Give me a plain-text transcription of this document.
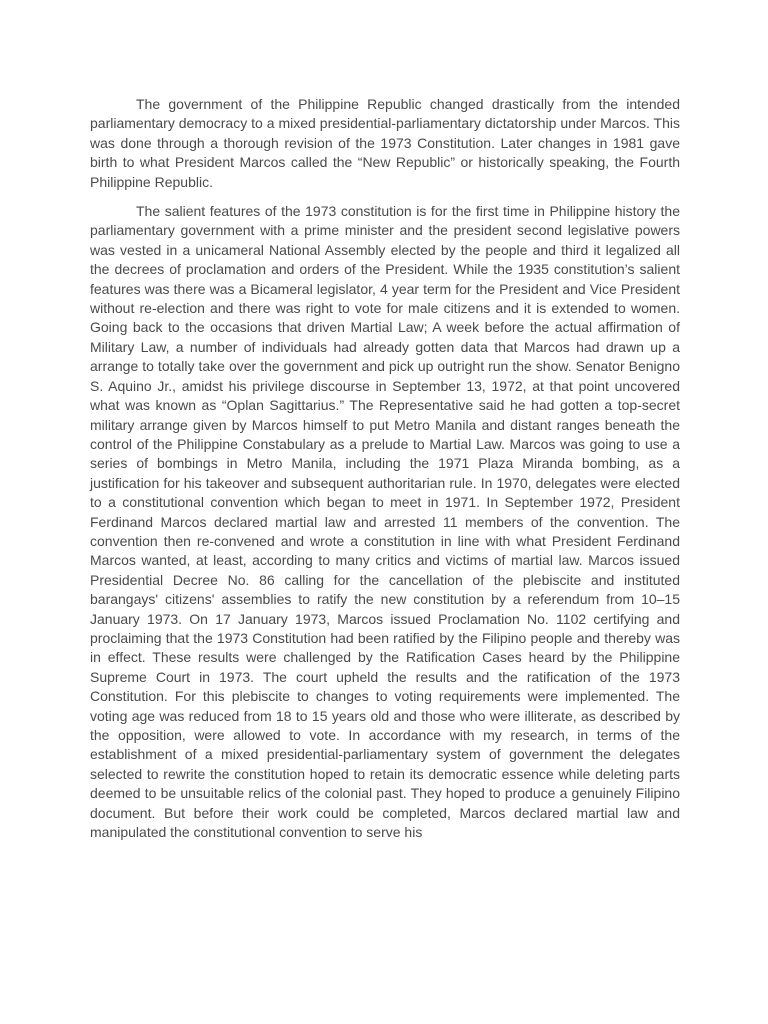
The government of the Philippine Republic changed drastically from the intended parliamentary democracy to a mixed presidential-parliamentary dictatorship under Marcos. This was done through a thorough revision of the 1973 Constitution. Later changes in 1981 gave birth to what President Marcos called the “New Republic” or historically speaking, the Fourth Philippine Republic.

The salient features of the 1973 constitution is for the first time in Philippine history the parliamentary government with a prime minister and the president second legislative powers was vested in a unicameral National Assembly elected by the people and third it legalized all the decrees of proclamation and orders of the President. While the 1935 constitution’s salient features was there was a Bicameral legislator, 4 year term for the President and Vice President without re-election and there was right to vote for male citizens and it is extended to women. Going back to the occasions that driven Martial Law; A week before the actual affirmation of Military Law, a number of individuals had already gotten data that Marcos had drawn up a arrange to totally take over the government and pick up outright run the show. Senator Benigno S. Aquino Jr., amidst his privilege discourse in September 13, 1972, at that point uncovered what was known as “Oplan Sagittarius.” The Representative said he had gotten a top-secret military arrange given by Marcos himself to put Metro Manila and distant ranges beneath the control of the Philippine Constabulary as a prelude to Martial Law. Marcos was going to use a series of bombings in Metro Manila, including the 1971 Plaza Miranda bombing, as a justification for his takeover and subsequent authoritarian rule. In 1970, delegates were elected to a constitutional convention which began to meet in 1971. In September 1972, President Ferdinand Marcos declared martial law and arrested 11 members of the convention. The convention then re-convened and wrote a constitution in line with what President Ferdinand Marcos wanted, at least, according to many critics and victims of martial law. Marcos issued Presidential Decree No. 86 calling for the cancellation of the plebiscite and instituted barangays' citizens' assemblies to ratify the new constitution by a referendum from 10–15 January 1973. On 17 January 1973, Marcos issued Proclamation No. 1102 certifying and proclaiming that the 1973 Constitution had been ratified by the Filipino people and thereby was in effect. These results were challenged by the Ratification Cases heard by the Philippine Supreme Court in 1973. The court upheld the results and the ratification of the 1973 Constitution. For this plebiscite to changes to voting requirements were implemented. The voting age was reduced from 18 to 15 years old and those who were illiterate, as described by the opposition, were allowed to vote. In accordance with my research, in terms of the establishment of a mixed presidential-parliamentary system of government the delegates selected to rewrite the constitution hoped to retain its democratic essence while deleting parts deemed to be unsuitable relics of the colonial past. They hoped to produce a genuinely Filipino document. But before their work could be completed, Marcos declared martial law and manipulated the constitutional convention to serve his
